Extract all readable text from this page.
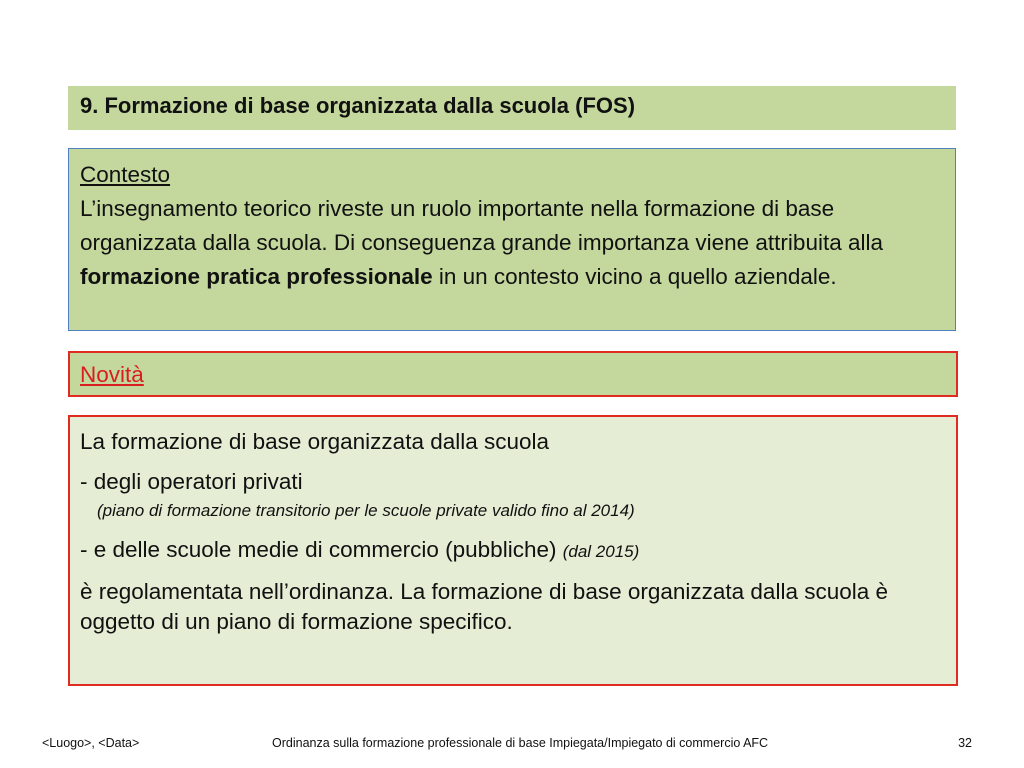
9. Formazione di base organizzata dalla scuola (FOS)
Contesto
L’insegnamento teorico riveste un ruolo importante nella formazione di base organizzata dalla scuola. Di conseguenza grande importanza viene attribuita alla formazione pratica professionale in un contesto vicino a quello aziendale.
Novità

La formazione di base organizzata dalla scuola

- degli operatori privati

(piano di formazione transitorio per le scuole private valido fino al 2014)

- e delle scuole medie di commercio (pubbliche) (dal 2015)

è regolamentata nell’ordinanza. La formazione di base organizzata dalla scuola è oggetto di un piano di formazione specifico.

<Luogo>, <Data>	Ordinanza sulla formazione professionale di base Impiegata/Impiegato di commercio AFC	32
